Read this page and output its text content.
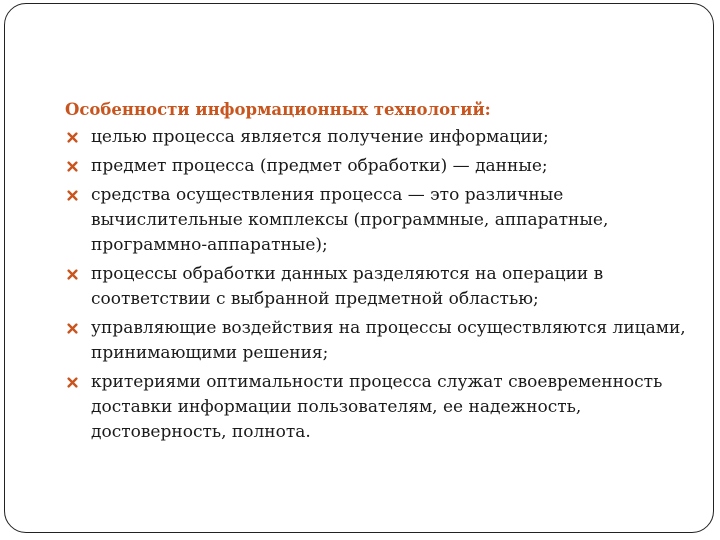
Особенности информационных технологий:
целью процесса является получение информации;
предмет процесса (предмет обработки) — данные;
средства осуществления процесса — это различные вычислительные комплексы (программные, аппаратные, программно-аппаратные);
процессы обработки данных разделяются на операции в соответствии с выбранной предметной областью;
управляющие воздействия на процессы осуществляются лицами, принимающими решения;
критериями оптимальности процесса служат своевременность доставки информации пользователям, ее надежность, достоверность, полнота.
